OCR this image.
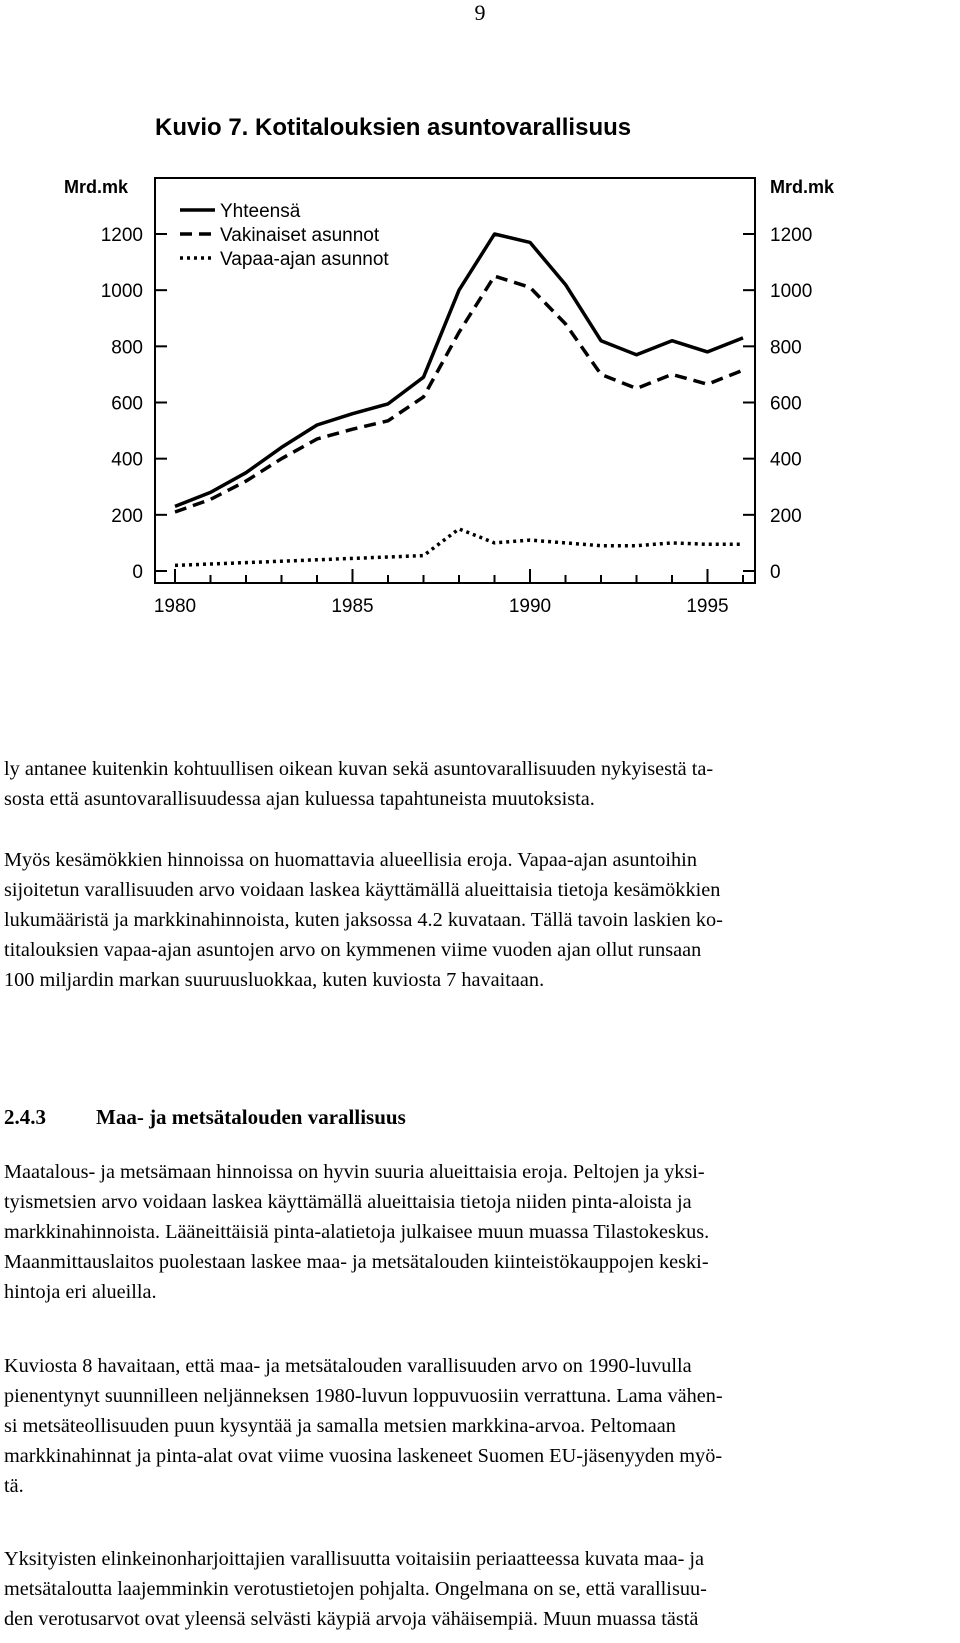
9
Kuvio 7. Kotitalouksien asuntovarallisuus
Mrd.mk	Mrd.mk
0	0
200	200
400	400
600	600
800	800
1000	1000
1200	1200
1980	1985	1990	1995
Yhteensä
Vakinaiset asunnot
Vapaa-ajan asunnot
ly antanee kuitenkin kohtuullisen oikean kuvan sekä asuntovarallisuuden nykyisestä ta-
sosta että asuntovarallisuudessa ajan kuluessa tapahtuneista muutoksista.
Myös kesämökkien hinnoissa on huomattavia alueellisia eroja. Vapaa-ajan asuntoihin
sijoitetun varallisuuden arvo voidaan laskea käyttämällä alueittaisia tietoja kesämökkien
lukumääristä ja markkinahinnoista, kuten jaksossa 4.2 kuvataan. Tällä tavoin laskien ko-
titalouksien vapaa-ajan asuntojen arvo on kymmenen viime vuoden ajan ollut runsaan
100 miljardin markan suuruusluokkaa, kuten kuviosta 7 havaitaan.
2.4.3 Maa- ja metsätalouden varallisuus
Maatalous- ja metsämaan hinnoissa on hyvin suuria alueittaisia eroja. Peltojen ja yksi-
tyismetsien arvo voidaan laskea käyttämällä alueittaisia tietoja niiden pinta-aloista ja
markkinahinnoista. Lääneittäisiä pinta-alatietoja julkaisee muun muassa Tilastokeskus.
Maanmittauslaitos puolestaan laskee maa- ja metsätalouden kiinteistökauppojen keski-
hintoja eri alueilla.
Kuviosta 8 havaitaan, että maa- ja metsätalouden varallisuuden arvo on 1990-luvulla
pienentynyt suunnilleen neljänneksen 1980-luvun loppuvuosiin verrattuna. Lama vähen-
si metsäteollisuuden puun kysyntää ja samalla metsien markkina-arvoa. Peltomaan
markkinahinnat ja pinta-alat ovat viime vuosina laskeneet Suomen EU-jäsenyyden myö-
tä.
Yksityisten elinkeinonharjoittajien varallisuutta voitaisiin periaatteessa kuvata maa- ja
metsätaloutta laajemminkin verotustietojen pohjalta. Ongelmana on se, että varallisuu-
den verotusarvot ovat yleensä selvästi käypiä arvoja vähäisempiä. Muun muassa tästä
